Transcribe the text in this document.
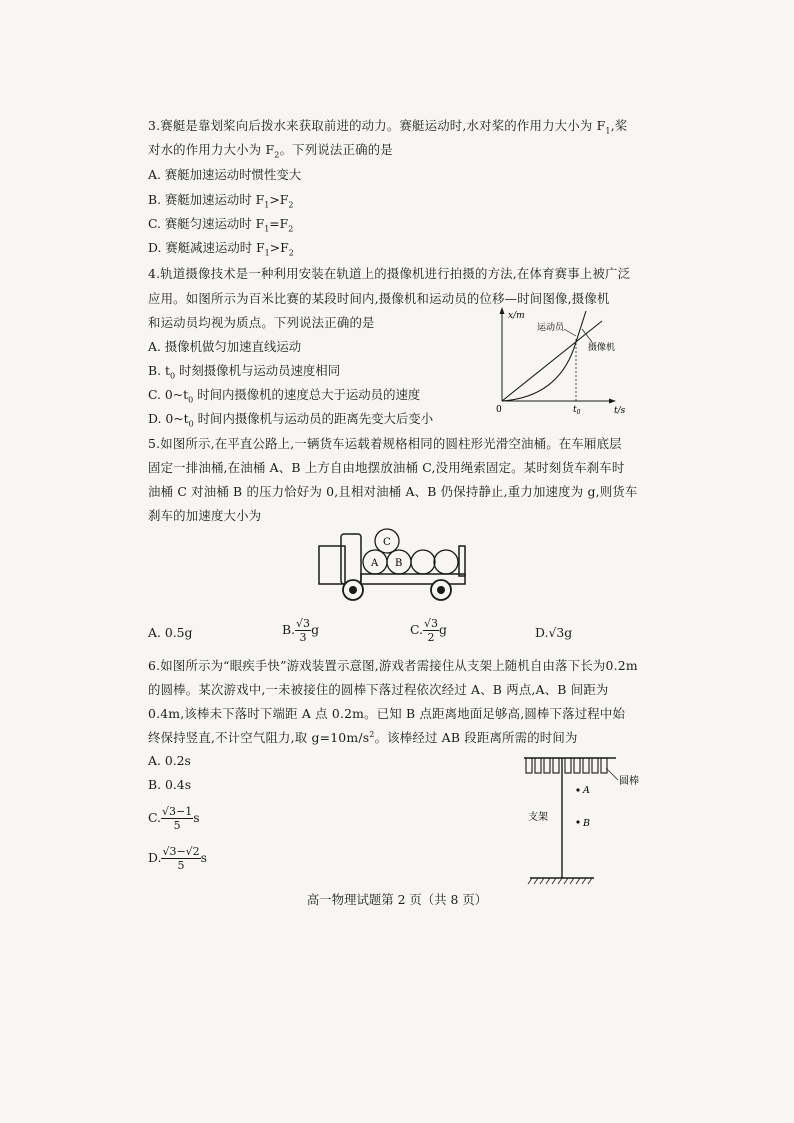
3.赛艇是靠划桨向后拨水来获取前进的动力。赛艇运动时,水对桨的作用力大小为 $F_1$,桨
对水的作用力大小为 $F_2$。下列说法正确的是
A. 赛艇加速运动时惯性变大
B. 赛艇加速运动时 $F_1>F_2$
C. 赛艇匀速运动时 $F_1=F_2$
D. 赛艇减速运动时 $F_1>F_2$
4.轨道摄像技术是一种利用安装在轨道上的摄像机进行拍摄的方法,在体育赛事上被广泛
应用。如图所示为百米比赛的某段时间内,摄像机和运动员的位移—时间图像,摄像机
和运动员均视为质点。下列说法正确的是
A. 摄像机做匀加速直线运动
B. $t_0$ 时刻摄像机与运动员速度相同
C. $0\sim t_0$ 时间内摄像机的速度总大于运动员的速度
D. $0\sim t_0$ 时间内摄像机与运动员的距离先变大后变小
x/m
t/s
0	$t_0$
运动员
摄像机
5.如图所示,在平直公路上,一辆货车运载着规格相同的圆柱形光滑空油桶。在车厢底层
固定一排油桶,在油桶 A、B 上方自由地摆放油桶 C,没用绳索固定。某时刻货车刹车时
油桶 C 对油桶 B 的压力恰好为 0,且相对油桶 A、B 仍保持静止,重力加速度为 g,则货车
刹车的加速度大小为
A B
C
A. 0.5g	B. $\frac{√3}{3}$ g	C. $\frac{√3}{2}$ g	D.√3g
6.如图所示为“眼疾手快”游戏装置示意图,游戏者需接住从支架上随机自由落下长为0.2m
的圆棒。某次游戏中,一未被接住的圆棒下落过程依次经过 A、B 两点,A、B 间距为
0.4m,该棒未下落时下端距 A 点 0.2m。已知 B 点距离地面足够高,圆棒下落过程中始
终保持竖直,不计空气阻力,取 $g=10m/s^2$。该棒经过 AB 段距离所需的时间为
A. 0.2s
B. 0.4s
C. $\frac{√3-1}{5}$ s
D. $\frac{√3-√2}{5}$ s
圆棒
A
B
支架
高一物理试题第 2 页（共 8 页）
